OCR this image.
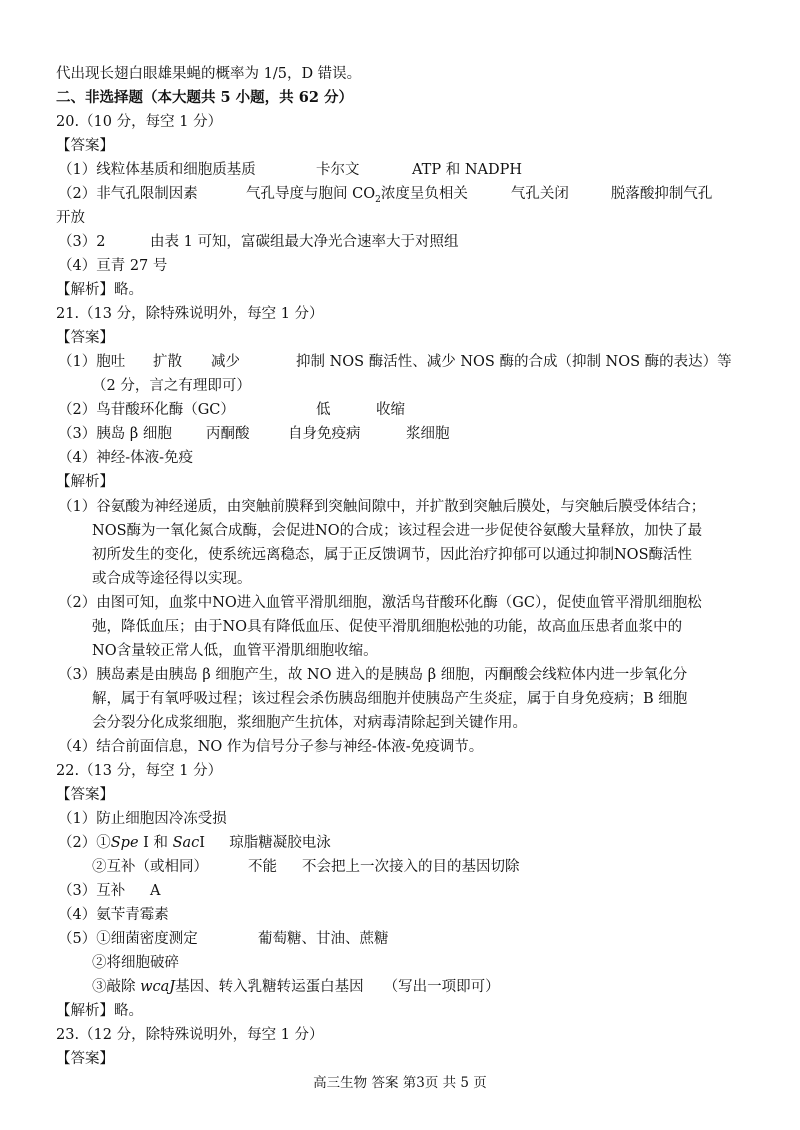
代出现长翅白眼雄果蝇的概率为 1/5，D 错误。
二、非选择题（本大题共 5 小题，共 62 分）
20.（10 分，每空 1 分）
【答案】
（1）线粒体基质和细胞质基质	卡尔文	ATP 和 NADPH
（2）非气孔限制因素	气孔导度与胞间 $CO_2$浓度呈负相关	气孔关闭	脱落酸抑制气孔
开放
（3）2	由表 1 可知，富碳组最大净光合速率大于对照组
（4）亘青 27 号
【解析】略。
21.（13 分，除特殊说明外，每空 1 分）
【答案】
（1）胞吐 扩散 减少	抑制 NOS 酶活性、减少 NOS 酶的合成（抑制 NOS 酶的表达）等
（2 分，言之有理即可）
（2）鸟苷酸环化酶（GC）	低	收缩
（3）胰岛 β 细胞 丙酮酸	自身免疫病	浆细胞
（4）神经-体液-免疫
【解析】
（1）谷氨酸为神经递质，由突触前膜释到突触间隙中，并扩散到突触后膜处，与突触后膜受体结合；
NOS酶为一氧化氮合成酶，会促进NO的合成；该过程会进一步促使谷氨酸大量释放，加快了最
初所发生的变化，使系统远离稳态，属于正反馈调节，因此治疗抑郁可以通过抑制NOS酶活性
或合成等途径得以实现。
（2）由图可知，血浆中NO进入血管平滑肌细胞，激活鸟苷酸环化酶（GC），促使血管平滑肌细胞松
弛，降低血压；由于NO具有降低血压、促使平滑肌细胞松弛的功能，故高血压患者血浆中的
NO含量较正常人低，血管平滑肌细胞收缩。
（3）胰岛素是由胰岛 β 细胞产生，故 NO 进入的是胰岛 β 细胞，丙酮酸会线粒体内进一步氧化分
解，属于有氧呼吸过程；该过程会杀伤胰岛细胞并使胰岛产生炎症，属于自身免疫病；B 细胞
会分裂分化成浆细胞，浆细胞产生抗体，对病毒清除起到关键作用。
（4）结合前面信息，NO 作为信号分子参与神经-体液-免疫调节。
22.（13 分，每空 1 分）
【答案】
（1）防止细胞因冷冻受损
（2）①Spe Ⅰ 和 SacⅠ 琼脂糖凝胶电泳
②互补（或相同）	不能 不会把上一次接入的目的基因切除
（3）互补 A
（4）氨苄青霉素
（5）①细菌密度测定	葡萄糖、甘油、蔗糖
②将细胞破碎
③敲除 wcaJ基因、转入乳糖转运蛋白基因 （写出一项即可）
【解析】略。
23.（12 分，除特殊说明外，每空 1 分）
【答案】
高三生物 答案 第3页 共 5 页
